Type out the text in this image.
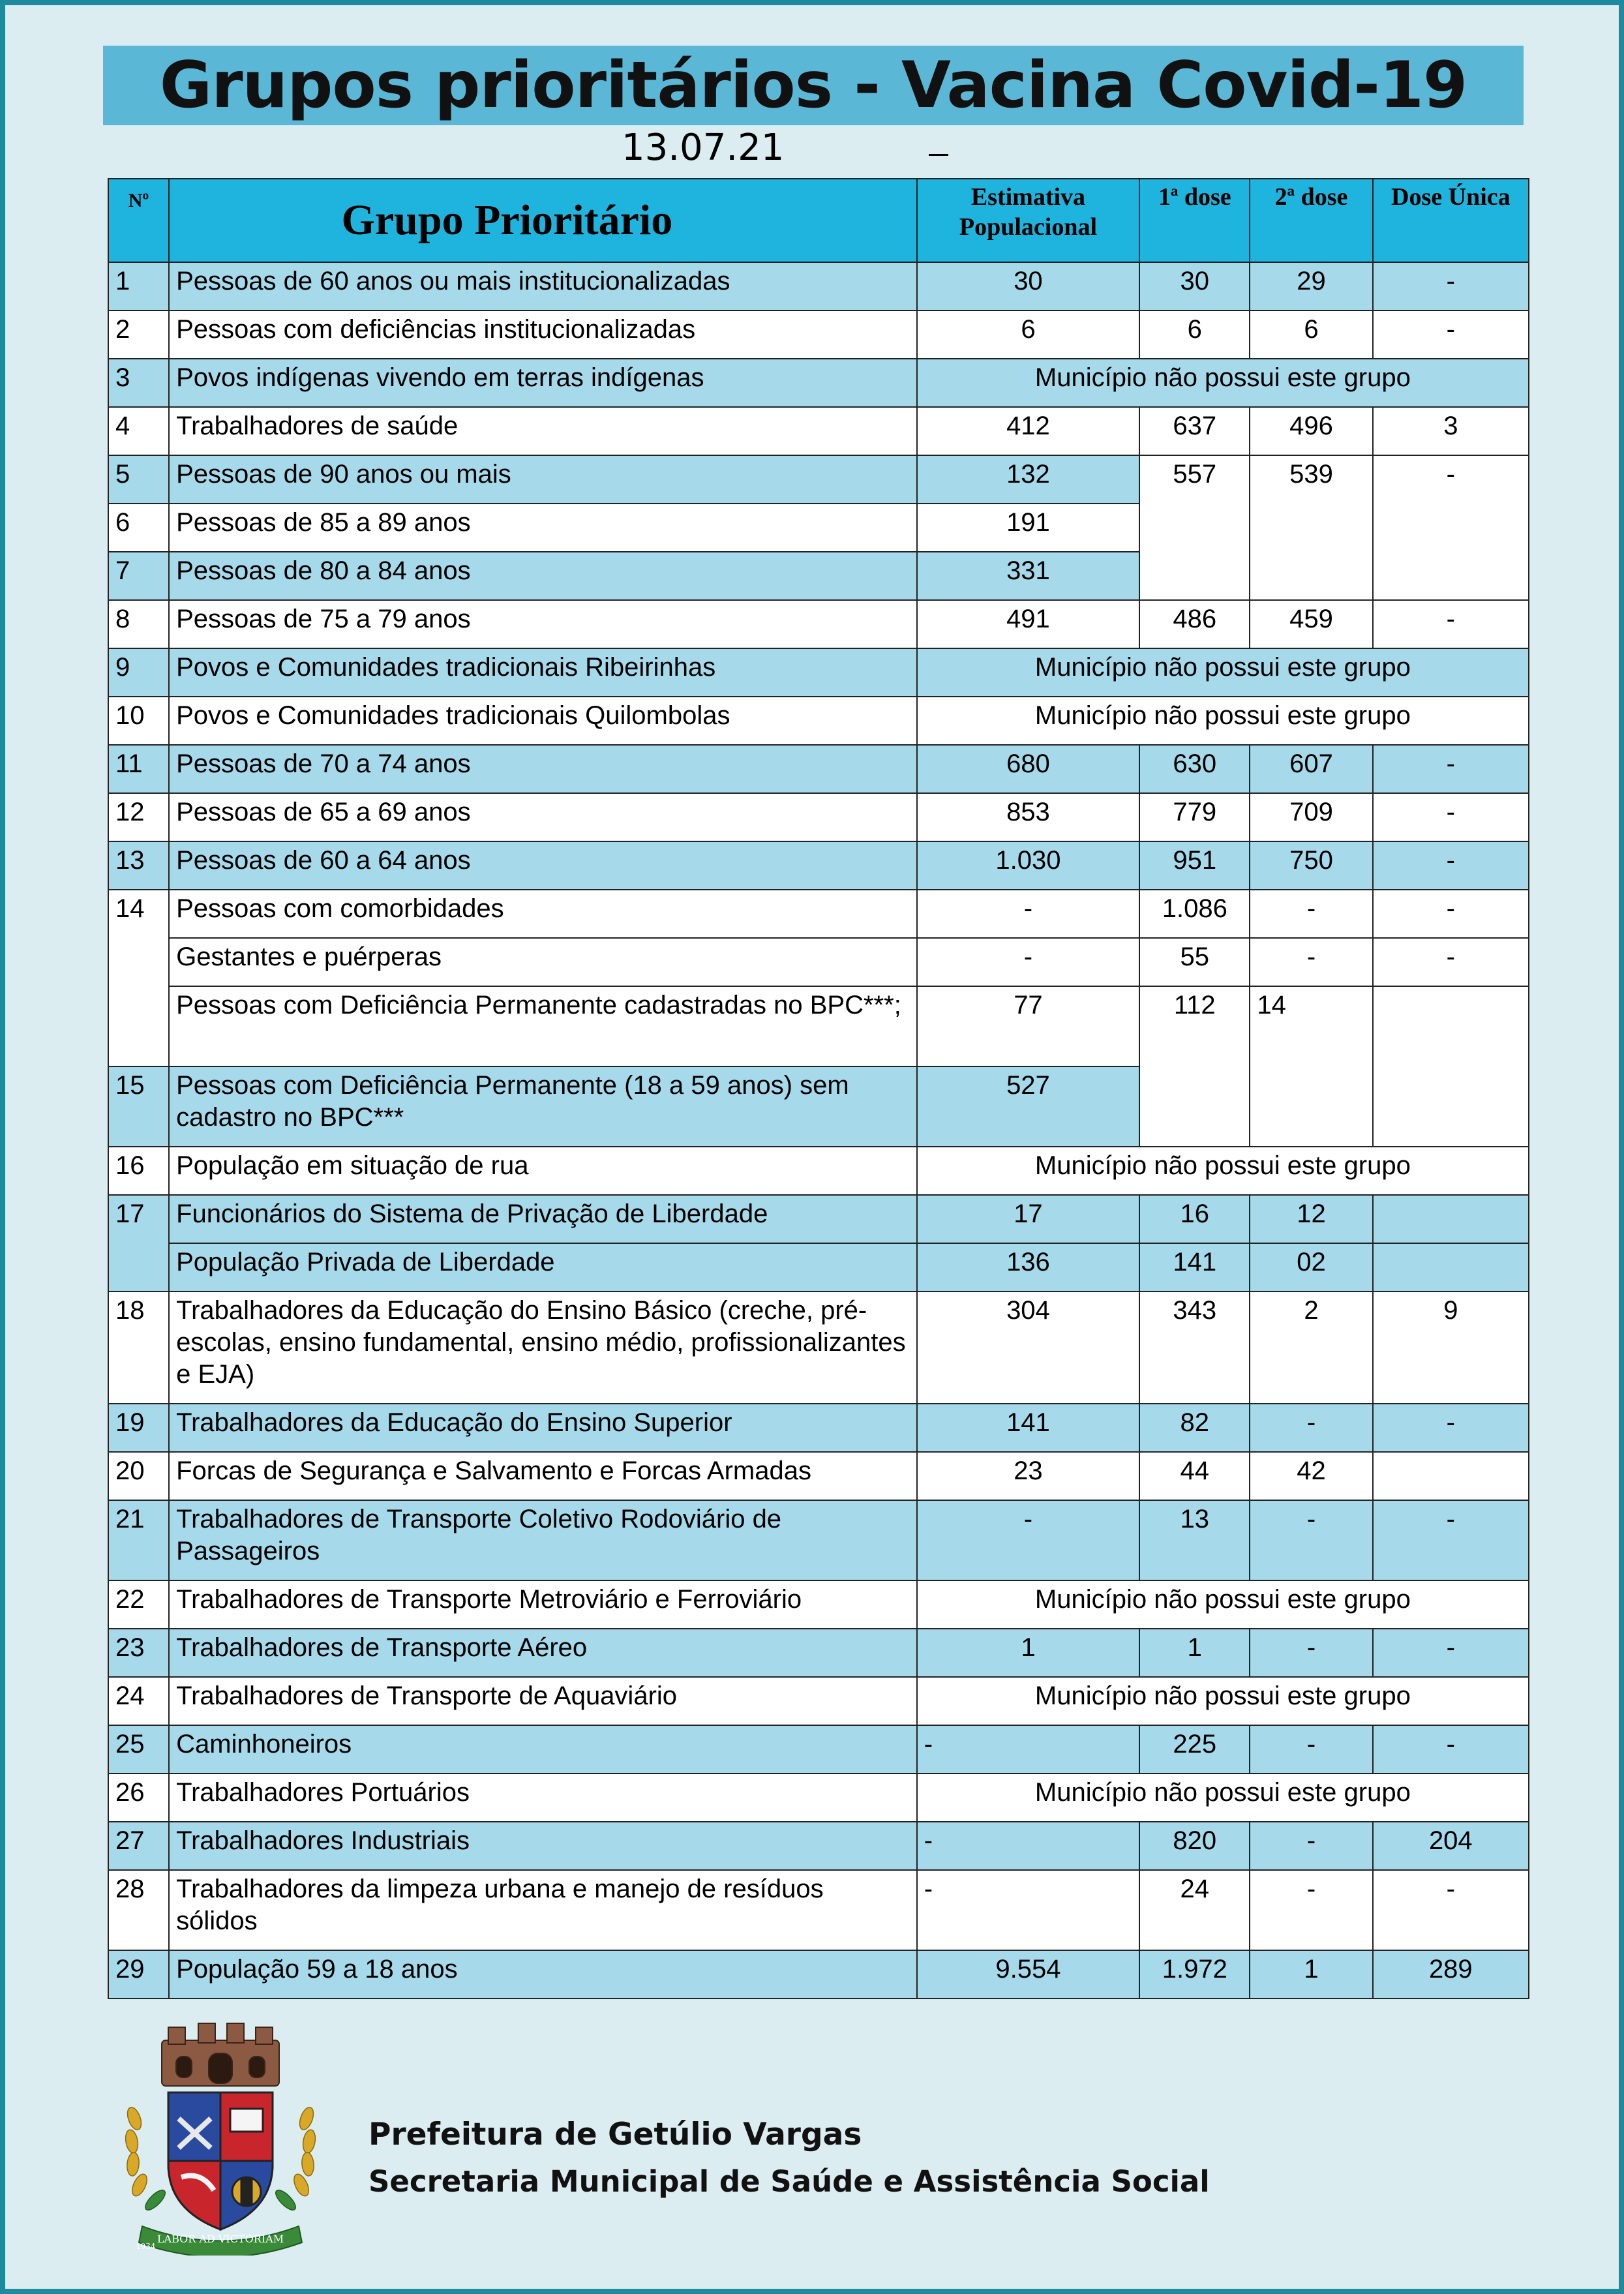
Grupos prioritários - Vacina Covid-19
13.07.21
Nº	Grupo Prioritário	Estimativa Populacional	1ª dose	2ª dose	Dose Única
1	Pessoas de 60 anos ou mais institucionalizadas	30	30	29	-
2	Pessoas com deficiências institucionalizadas	6	6	6	-
3	Povos indígenas vivendo em terras indígenas	Município não possui este grupo			
4	Trabalhadores de saúde	412	637	496	3
5	Pessoas de 90 anos ou mais	132	557	539	-
6	Pessoas de 85 a 89 anos	191			
7	Pessoas de 80 a 84 anos	331			
8	Pessoas de 75 a 79 anos	491	486	459	-
9	Povos e Comunidades tradicionais Ribeirinhas	Município não possui este grupo			
10	Povos e Comunidades tradicionais Quilombolas	Município não possui este grupo			
11	Pessoas de 70 a 74 anos	680	630	607	-
12	Pessoas de 65 a 69 anos	853	779	709	-
13	Pessoas de 60 a 64 anos	1.030	951	750	-
14	Pessoas com comorbidades	-	1.086	-	-
	Gestantes e puérperas	-	55	-	-
	Pessoas com Deficiência Permanente cadastradas no BPC***;	77	112	14	
15	Pessoas com Deficiência Permanente (18 a 59 anos) sem cadastro no BPC***	527			
16	População em situação de rua	Município não possui este grupo			
17	Funcionários do Sistema de Privação de Liberdade	17	16	12	
	População Privada de Liberdade	136	141	02	
18	Trabalhadores da Educação do Ensino Básico (creche, pré-escolas, ensino fundamental, ensino médio, profissionalizantes e EJA)	304	343	2	9
19	Trabalhadores da Educação do Ensino Superior	141	82	-	-
20	Forcas de Segurança e Salvamento e Forcas Armadas	23	44	42	
21	Trabalhadores de Transporte Coletivo Rodoviário de Passageiros	-	13	-	-
22	Trabalhadores de Transporte Metroviário e Ferroviário	Município não possui este grupo			
23	Trabalhadores de Transporte Aéreo	1	1	-	-
24	Trabalhadores de Transporte de Aquaviário	Município não possui este grupo			
25	Caminhoneiros	-	225	-	-
26	Trabalhadores Portuários	Município não possui este grupo			
27	Trabalhadores Industriais	-	820	-	204
28	Trabalhadores da limpeza urbana e manejo de resíduos sólidos	-	24	-	-
29	População 59 a 18 anos	9.554	1.972	1	289
LABOR AD VICTORIAM
1934
Prefeitura de Getúlio Vargas
Secretaria Municipal de Saúde e Assistência Social
